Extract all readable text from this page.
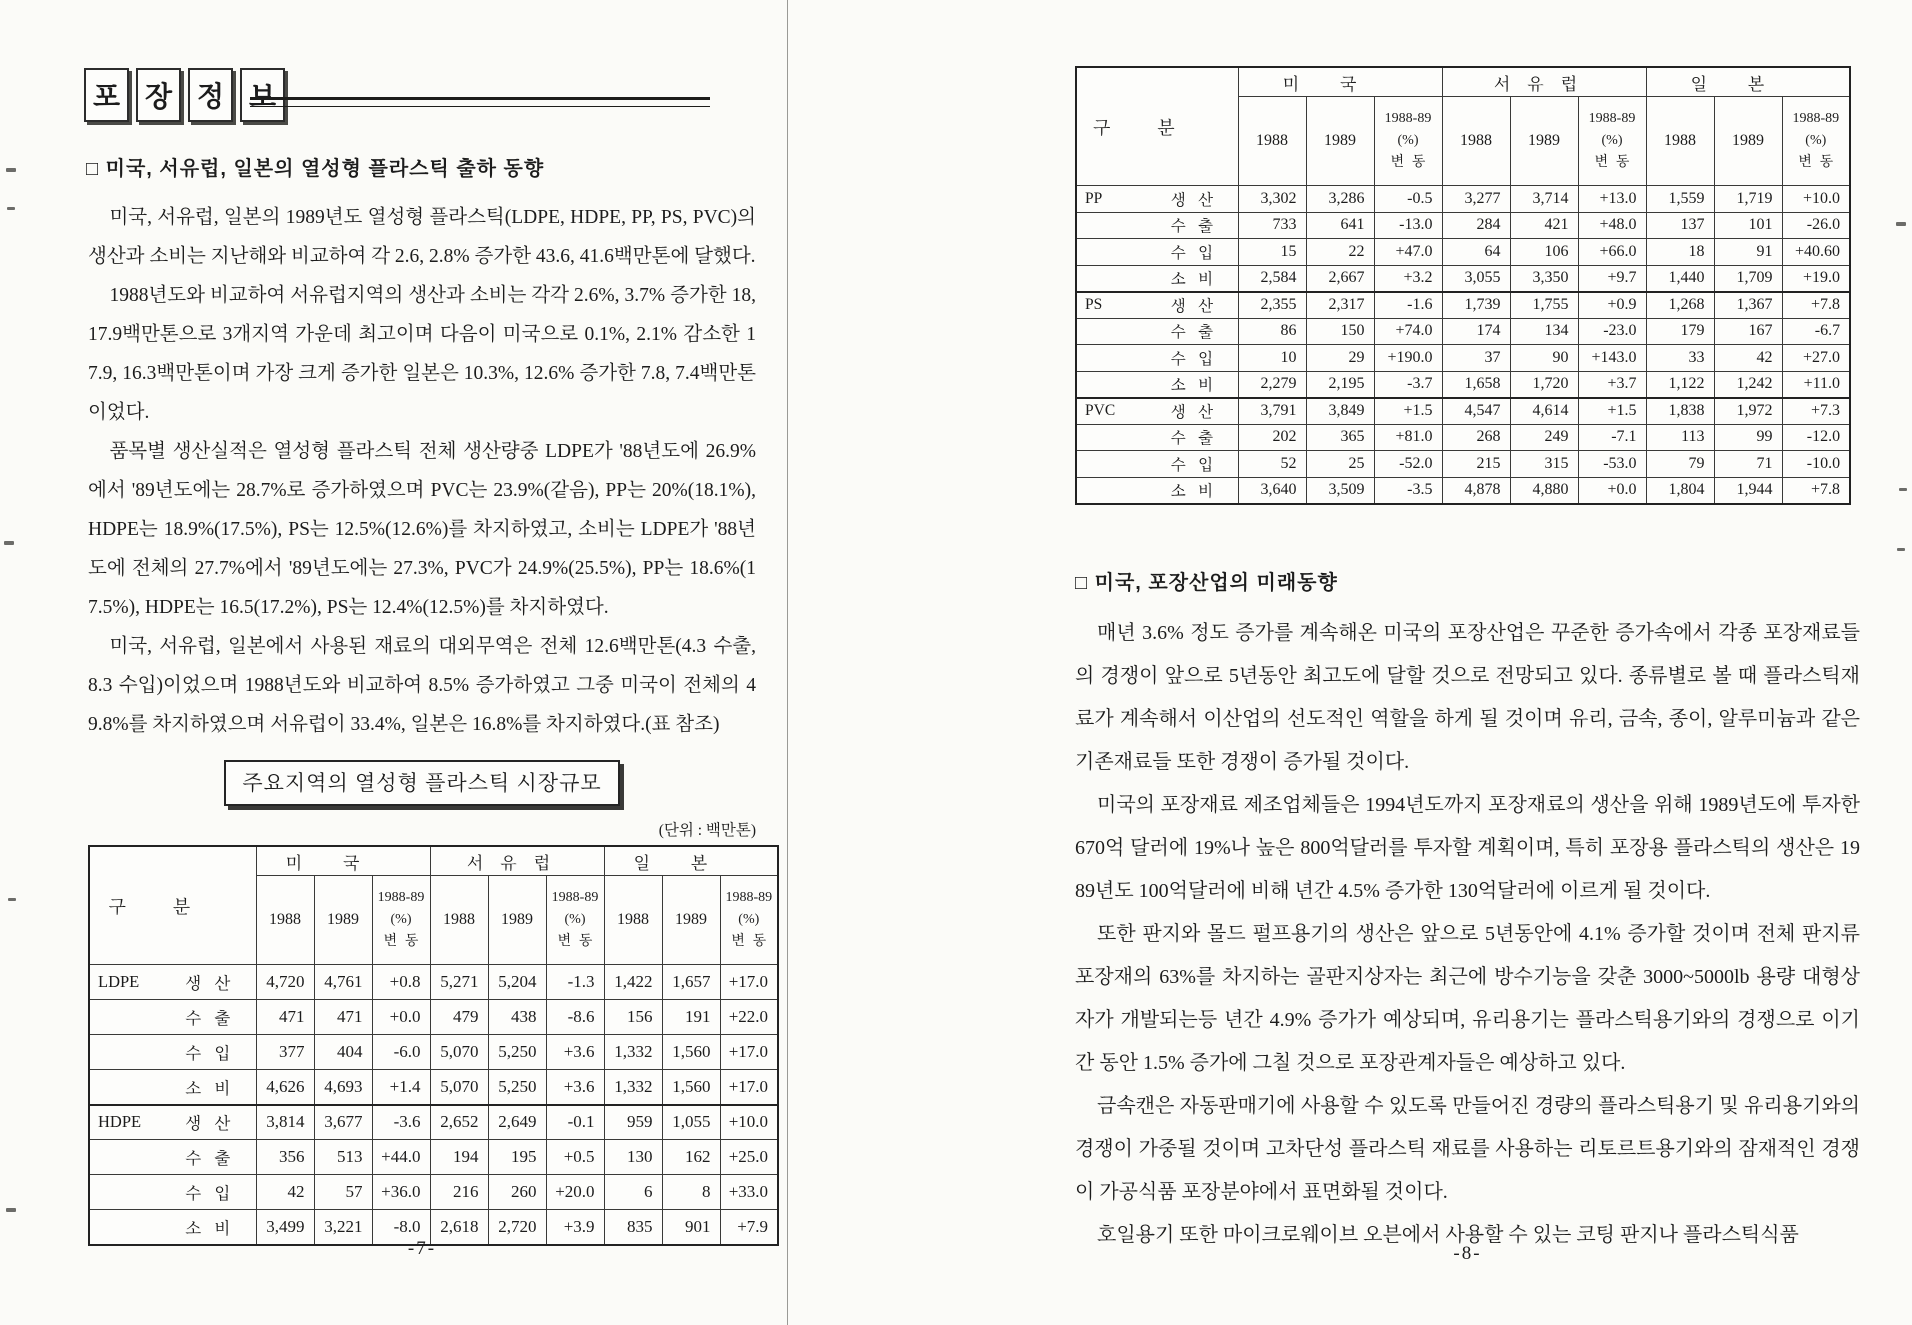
포 장 정 보
□ 미국, 서유럽, 일본의 열성형 플라스틱 출하 동향

미국, 서유럽, 일본의 1989년도 열성형 플라스틱(LDPE, HDPE, PP, PS, PVC)의 생산과 소비는 지난해와 비교하여 각 2.6, 2.8% 증가한 43.6, 41.6백만톤에 달했다.

1988년도와 비교하여 서유럽지역의 생산과 소비는 각각 2.6%, 3.7% 증가한 18, 17.9백만톤으로 3개지역 가운데 최고이며 다음이 미국으로 0.1%, 2.1% 감소한 17.9, 16.3백만톤이며 가장 크게 증가한 일본은 10.3%, 12.6% 증가한 7.8, 7.4백만톤이었다.

품목별 생산실적은 열성형 플라스틱 전체 생산량중 LDPE가 '88년도에 26.9%에서 '89년도에는 28.7%로 증가하였으며 PVC는 23.9%(같음), PP는 20%(18.1%), HDPE는 18.9%(17.5%), PS는 12.5%(12.6%)를 차지하였고, 소비는 LDPE가 '88년도에 전체의 27.7%에서 '89년도에는 27.3%, PVC가 24.9%(25.5%), PP는 18.6%(17.5%), HDPE는 16.5(17.2%), PS는 12.4%(12.5%)를 차지하였다.

미국, 서유럽, 일본에서 사용된 재료의 대외무역은 전체 12.6백만톤(4.3 수출, 8.3 수입)이었으며 1988년도와 비교하여 8.5% 증가하였고 그중 미국이 전체의 49.8%를 차지하였으며 서유럽이 33.4%, 일본은 16.8%를 차지하였다.(표 참조)

주요지역의 열성형 플라스틱 시장규모
(단위 : 백만톤)
구분	미국			서유럽			일본		
	1988	1989	1988-89
(%)
변동	1988	1989	1988-89
(%)
변동	1988	1989	1988-89
(%)
변동

LDPE 생산	4,720	4,761	+0.8	5,271	5,204	-1.3	1,422	1,657	+17.0

수출	471	471	+0.0	479	438	-8.6	156	191	+22.0

수입	377	404	-6.0	5,070	5,250	+3.6	1,332	1,560	+17.0

소비	4,626	4,693	+1.4	5,070	5,250	+3.6	1,332	1,560	+17.0

HDPE 생산	3,814	3,677	-3.6	2,652	2,649	-0.1	959	1,055	+10.0

수출	356	513	+44.0	194	195	+0.5	130	162	+25.0

수입	42	57	+36.0	216	260	+20.0	6	8	+33.0

소비	3,499	3,221	-8.0	2,618	2,720	+3.9	835	901	+7.9
-7-
구분	미국			서유럽			일본		
	1988	1989	1988-89
(%)
변동	1988	1989	1988-89
(%)
변동	1988	1989	1988-89
(%)
변동

PP 생산	3,302	3,286	-0.5	3,277	3,714	+13.0	1,559	1,719	+10.0

수출	733	641	-13.0	284	421	+48.0	137	101	-26.0

수입	15	22	+47.0	64	106	+66.0	18	91	+40.60

소비	2,584	2,667	+3.2	3,055	3,350	+9.7	1,440	1,709	+19.0

PS 생산	2,355	2,317	-1.6	1,739	1,755	+0.9	1,268	1,367	+7.8

수출	86	150	+74.0	174	134	-23.0	179	167	-6.7

수입	10	29	+190.0	37	90	+143.0	33	42	+27.0

소비	2,279	2,195	-3.7	1,658	1,720	+3.7	1,122	1,242	+11.0

PVC 생산	3,791	3,849	+1.5	4,547	4,614	+1.5	1,838	1,972	+7.3

수출	202	365	+81.0	268	249	-7.1	113	99	-12.0

수입	52	25	-52.0	215	315	-53.0	79	71	-10.0

소비	3,640	3,509	-3.5	4,878	4,880	+0.0	1,804	1,944	+7.8
□ 미국, 포장산업의 미래동향

매년 3.6% 정도 증가를 계속해온 미국의 포장산업은 꾸준한 증가속에서 각종 포장재료들의 경쟁이 앞으로 5년동안 최고도에 달할 것으로 전망되고 있다. 종류별로 볼 때 플라스틱재료가 계속해서 이산업의 선도적인 역할을 하게 될 것이며 유리, 금속, 종이, 알루미늄과 같은 기존재료들 또한 경쟁이 증가될 것이다.

미국의 포장재료 제조업체들은 1994년도까지 포장재료의 생산을 위해 1989년도에 투자한 670억 달러에 19%나 높은 800억달러를 투자할 계획이며, 특히 포장용 플라스틱의 생산은 1989년도 100억달러에 비해 년간 4.5% 증가한 130억달러에 이르게 될 것이다.

또한 판지와 몰드 펄프용기의 생산은 앞으로 5년동안에 4.1% 증가할 것이며 전체 판지류 포장재의 63%를 차지하는 골판지상자는 최근에 방수기능을 갖춘 3000~5000lb 용량 대형상자가 개발되는등 년간 4.9% 증가가 예상되며, 유리용기는 플라스틱용기와의 경쟁으로 이기간 동안 1.5% 증가에 그칠 것으로 포장관계자들은 예상하고 있다.

금속캔은 자동판매기에 사용할 수 있도록 만들어진 경량의 플라스틱용기 및 유리용기와의 경쟁이 가중될 것이며 고차단성 플라스틱 재료를 사용하는 리토르트용기와의 잠재적인 경쟁이 가공식품 포장분야에서 표면화될 것이다.

호일용기 또한 마이크로웨이브 오븐에서 사용할 수 있는 코팅 판지나 플라스틱식품

-8-
